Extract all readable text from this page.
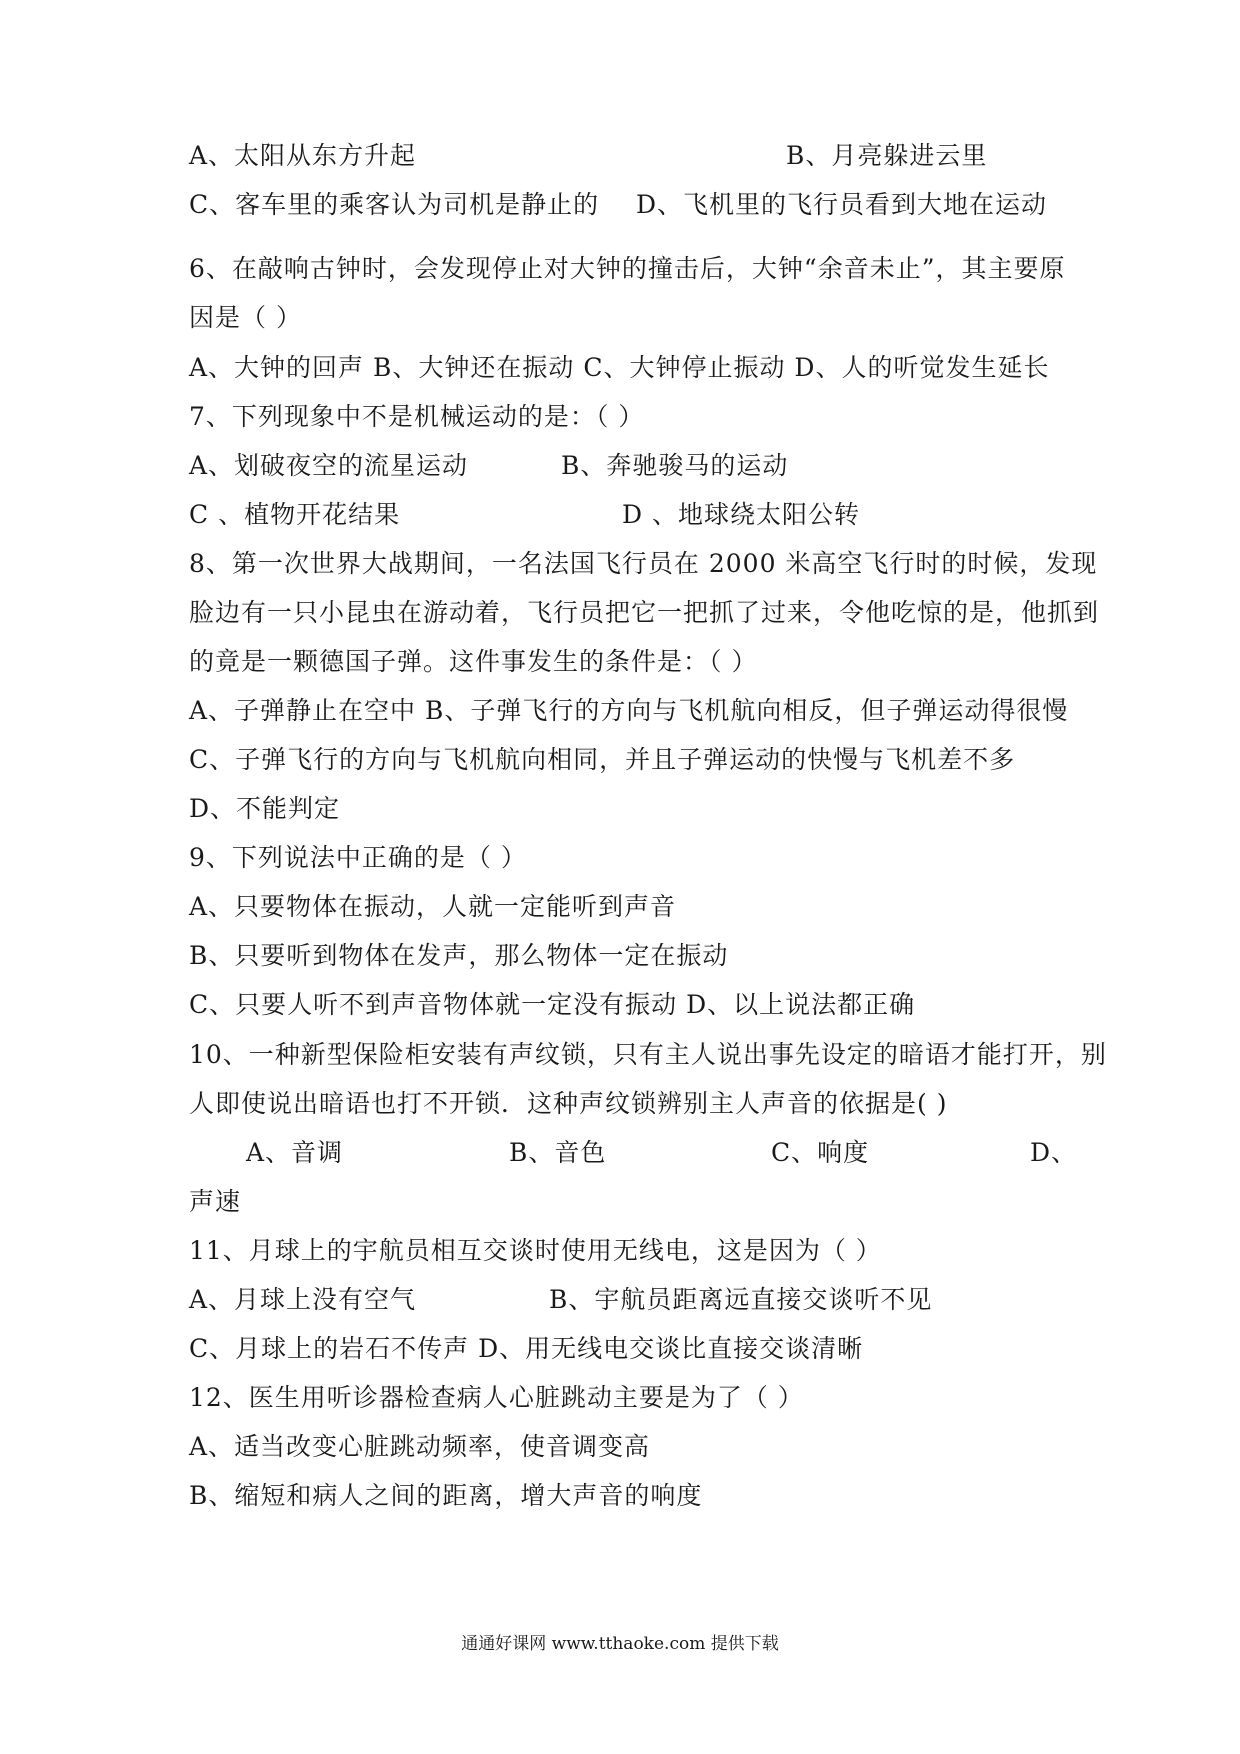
A、太阳从东方升起	B、月亮躲进云里
C、客车里的乘客认为司机是静止的 D、飞机里的飞行员看到大地在运动
6、在敲响古钟时，会发现停止对大钟的撞击后，大钟“余音未止”，其主要原
因是（ ）
A、大钟的回声 B、大钟还在振动 C、大钟停止振动 D、人的听觉发生延长
7、下列现象中不是机械运动的是：（ ）
A、划破夜空的流星运动	B、奔驰骏马的运动
C 、植物开花结果	D 、地球绕太阳公转
8、第一次世界大战期间，一名法国飞行员在 2000 米高空飞行时的时候，发现
脸边有一只小昆虫在游动着，飞行员把它一把抓了过来，令他吃惊的是，他抓到
的竟是一颗德国子弹。这件事发生的条件是：（ ）
A、子弹静止在空中 B、子弹飞行的方向与飞机航向相反，但子弹运动得很慢
C、子弹飞行的方向与飞机航向相同，并且子弹运动的快慢与飞机差不多
D、不能判定
9、下列说法中正确的是（ ）
A、只要物体在振动，人就一定能听到声音
B、只要听到物体在发声，那么物体一定在振动
C、只要人听不到声音物体就一定没有振动 D、以上说法都正确
10、一种新型保险柜安装有声纹锁，只有主人说出事先设定的暗语才能打开，别
人即使说出暗语也打不开锁．这种声纹锁辨别主人声音的依据是( )
A、音调	B、音色	C、响度	D、
声速
11、月球上的宇航员相互交谈时使用无线电，这是因为（ ）
A、月球上没有空气	B、宇航员距离远直接交谈听不见
C、月球上的岩石不传声 D、用无线电交谈比直接交谈清晰
12、医生用听诊器检查病人心脏跳动主要是为了（ ）
A、适当改变心脏跳动频率，使音调变高
B、缩短和病人之间的距离，增大声音的响度
通通好课网 www.tthaoke.com 提供下载
